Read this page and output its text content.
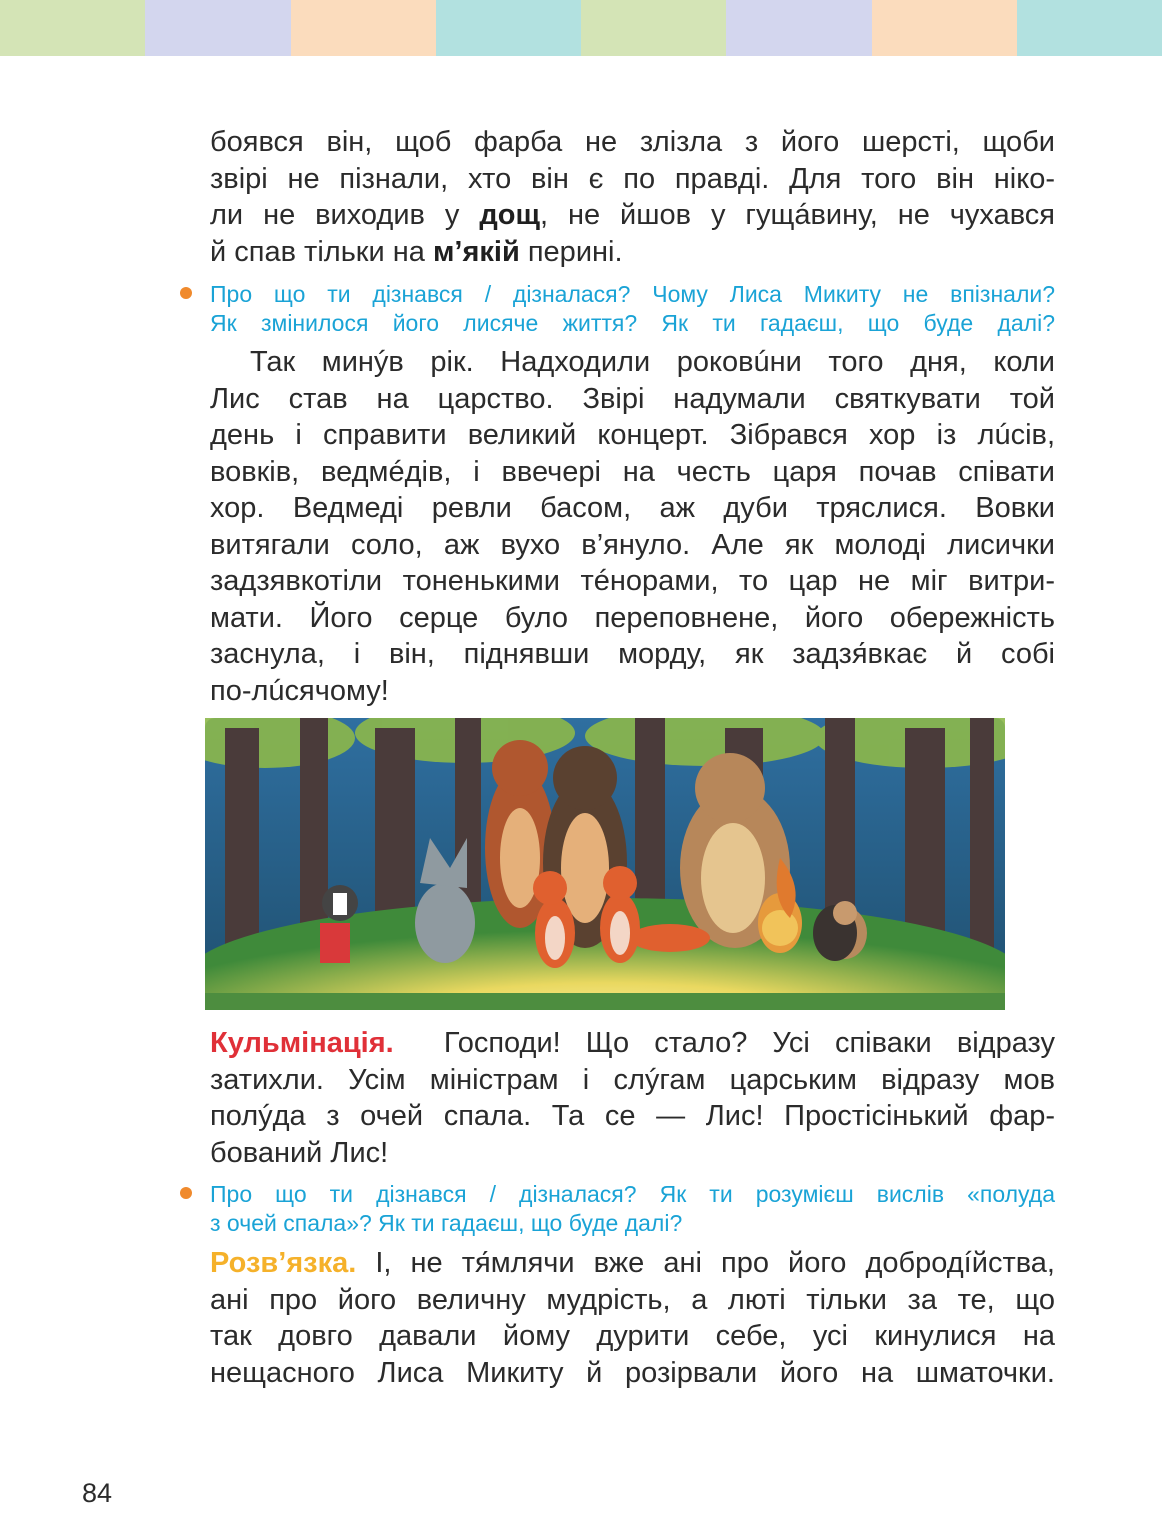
боявся він, щоб фарба не злізла з його шерсті, щоби
звірі не пізнали, хто він є по правді. Для того він ніко-
ли не виходив у дощ, не йшов у гущáвину, не чухався
й спав тільки на м’якій перині.
Про що ти дізнався / дізналася? Чому Лиса Микиту не впізнали?
Як змінилося його лисяче життя? Як ти гадаєш, що буде далі?
Так минýв рік. Надходили роковúни того дня, коли
Лис став на царство. Звірі надумали святкувати той
день і справити великий концерт. Зібрався хор із лúсів,
вовків, ведмéдів, і ввечері на честь царя почав співати
хор. Ведмеді ревли басом, аж дуби тряслися. Вовки
витягали соло, аж вухо в’януло. Але як молоді лисички
задзявкотіли тоненькими тéнорами, то цар не міг витри-
мати. Його серце було переповнене, його обережність
заснула, і він, піднявши морду, як задзя́вкає й собі
по-лúсячому!
Кульмінація.  Господи! Що стало? Усі співаки відразу
затихли. Усім міністрам і слýгам царським відразу мов
полýда з очей спала. Та се — Лис! Простісінький фар-
бований Лис!
Про що ти дізнався / дізналася? Як ти розумієш вислів «полуда
з очей спала»? Як ти гадаєш, що буде далі?
Розв’язка. І, не тя́млячи вже ані про його добродíйства,
ані про його величну мудрість, а люті тільки за те, що
так довго давали йому дурити себе, усі кинулися на
нещасного Лиса Микиту й розірвали його на шматочки.
84
